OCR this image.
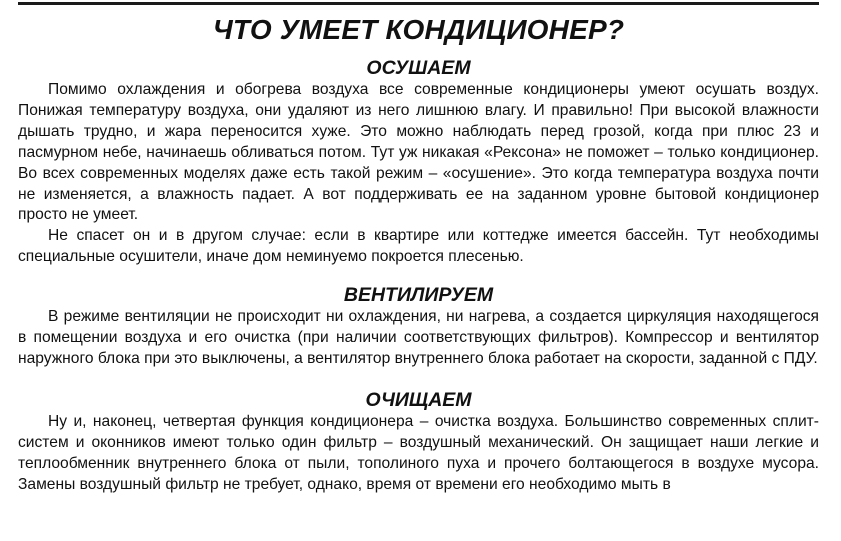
ЧТО УМЕЕТ КОНДИЦИОНЕР?
ОСУШАЕМ

Помимо охлаждения и обогрева воздуха все современные кондиционеры умеют осушать воздух. Понижая температуру воздуха, они удаляют из него лишнюю влагу. И правильно! При высокой влажности дышать трудно, и жара переносится хуже. Это можно наблюдать перед грозой, когда при плюс 23 и пасмурном небе, начинаешь обливаться потом. Тут уж никакая «Рексона» не поможет – только кондиционер. Во всех современных моделях даже есть такой режим – «осушение». Это когда температура воздуха почти не изменяется, а влажность падает. А вот поддерживать ее на заданном уровне бытовой кондиционер просто не умеет.

Не спасет он и в другом случае: если в квартире или коттедже имеется бассейн. Тут необходимы специальные осушители, иначе дом неминуемо покроется плесенью.

ВЕНТИЛИРУЕМ

В режиме вентиляции не происходит ни охлаждения, ни нагрева, а создается циркуляция находящегося в помещении воздуха и его очистка (при наличии соответствующих фильтров). Компрессор и вентилятор наружного блока при это выключены, а вентилятор внутреннего блока работает на скорости, заданной с ПДУ.

ОЧИЩАЕМ

Ну и, наконец, четвертая функция кондиционера – очистка воздуха. Большинство современных сплит-систем и оконников имеют только один фильтр – воздушный механический. Он защищает наши легкие и теплообменник внутреннего блока от пыли, тополиного пуха и прочего болтающегося в воздухе мусора. Замены воздушный фильтр не требует, однако, время от времени его необходимо мыть в
